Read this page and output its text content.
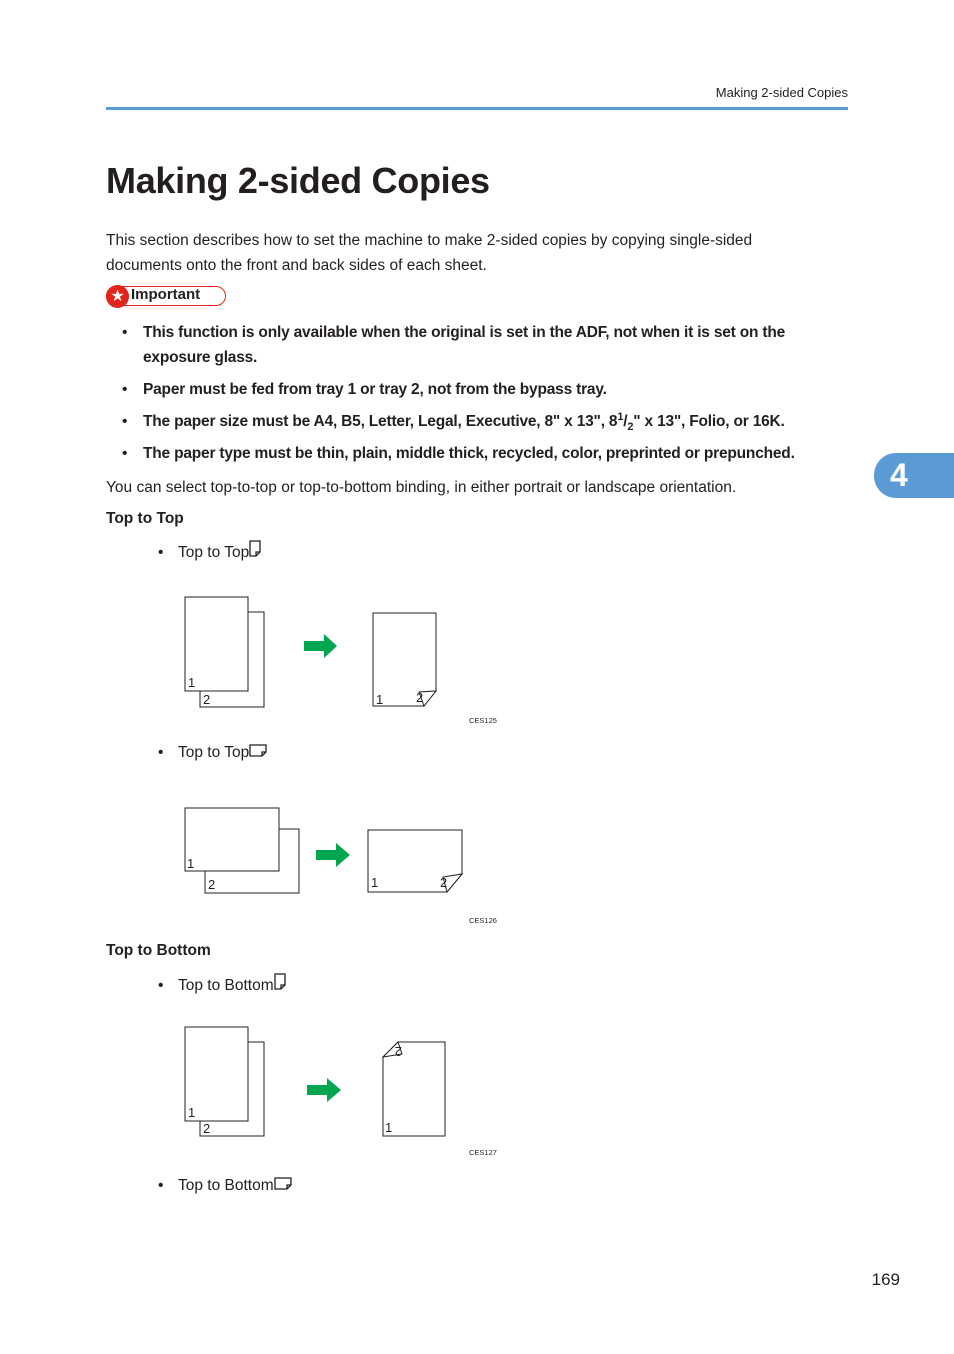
Making 2-sided Copies
Making 2-sided Copies

This section describes how to set the machine to make 2-sided copies by copying single-sided documents onto the front and back sides of each sheet.

★ Important
• This function is only available when the original is set in the ADF, not when it is set on the exposure glass.
• Paper must be fed from tray 1 or tray 2, not from the bypass tray.
• The paper size must be A4, B5, Letter, Legal, Executive, 8" x 13", $8^1/_2$" x 13", Folio, or 16K.
• The paper type must be thin, plain, middle thick, recycled, color, preprinted or prepunched.

You can select top-to-top or top-to-bottom binding, in either portrait or landscape orientation.

Top to Top

• Top to Top
2
1
1	2
CES125
• Top to Top
2
1
1	2
CES126

Top to Bottom

• Top to Bottom
2
1
2
1
CES127
• Top to Bottom
4
169
